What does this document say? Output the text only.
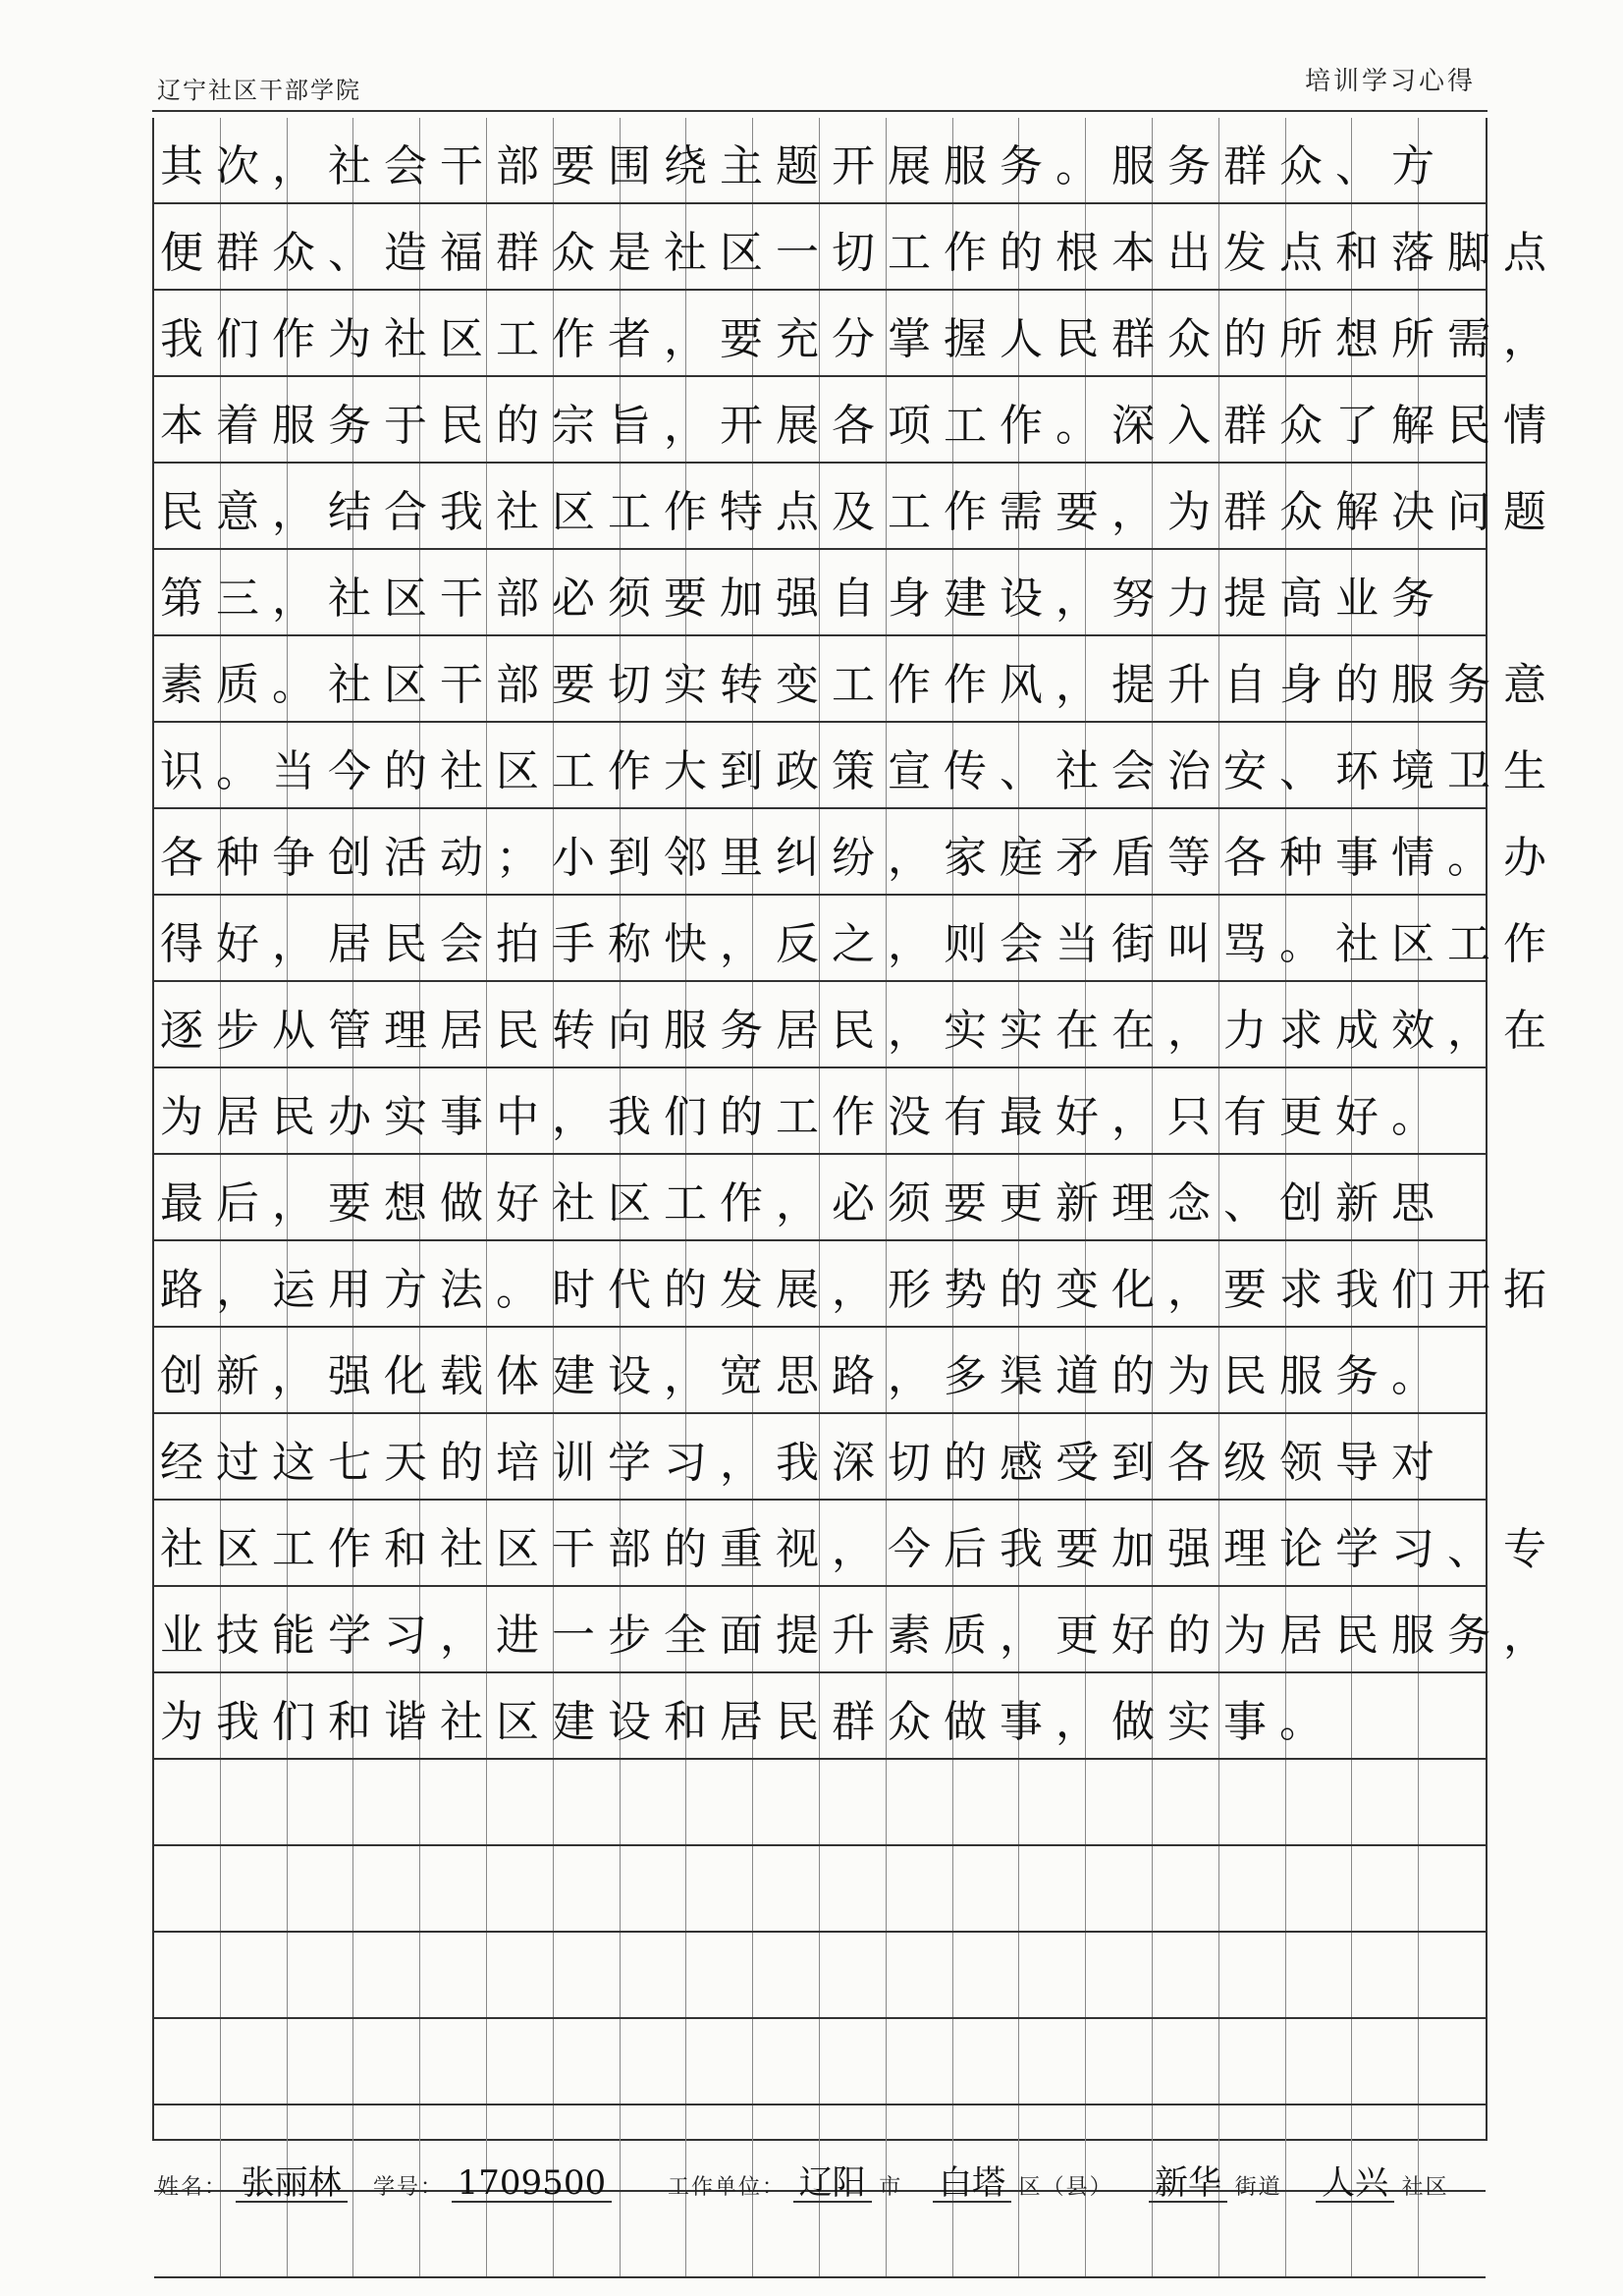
辽宁社区干部学院	培训学习心得
其次，社会干部要围绕主题开展服务。服务群众、方
便群众、造福群众是社区一切工作的根本出发点和落脚点
我们作为社区工作者，要充分掌握人民群众的所想所需，
本着服务于民的宗旨，开展各项工作。深入群众了解民情
民意，结合我社区工作特点及工作需要，为群众解决问题
第三，社区干部必须要加强自身建设，努力提高业务
素质。社区干部要切实转变工作作风，提升自身的服务意
识。当今的社区工作大到政策宣传、社会治安、环境卫生
各种争创活动；小到邻里纠纷，家庭矛盾等各种事情。办
得好，居民会拍手称快，反之，则会当街叫骂。社区工作
逐步从管理居民转向服务居民，实实在在，力求成效，在
为居民办实事中，我们的工作没有最好，只有更好。
最后，要想做好社区工作，必须要更新理念、创新思
路，运用方法。时代的发展，形势的变化，要求我们开拓
创新，强化载体建设，宽思路，多渠道的为民服务。
经过这七天的培训学习，我深切的感受到各级领导对
社区工作和社区干部的重视，今后我要加强理论学习、专
业技能学习，进一步全面提升素质，更好的为居民服务，
为我们和谐社区建设和居民群众做事，做实事。
姓名： 张丽林 学号： 1709500	工作单位： 辽阳 市 白塔 区（县） 新华 街道 人兴 社区
